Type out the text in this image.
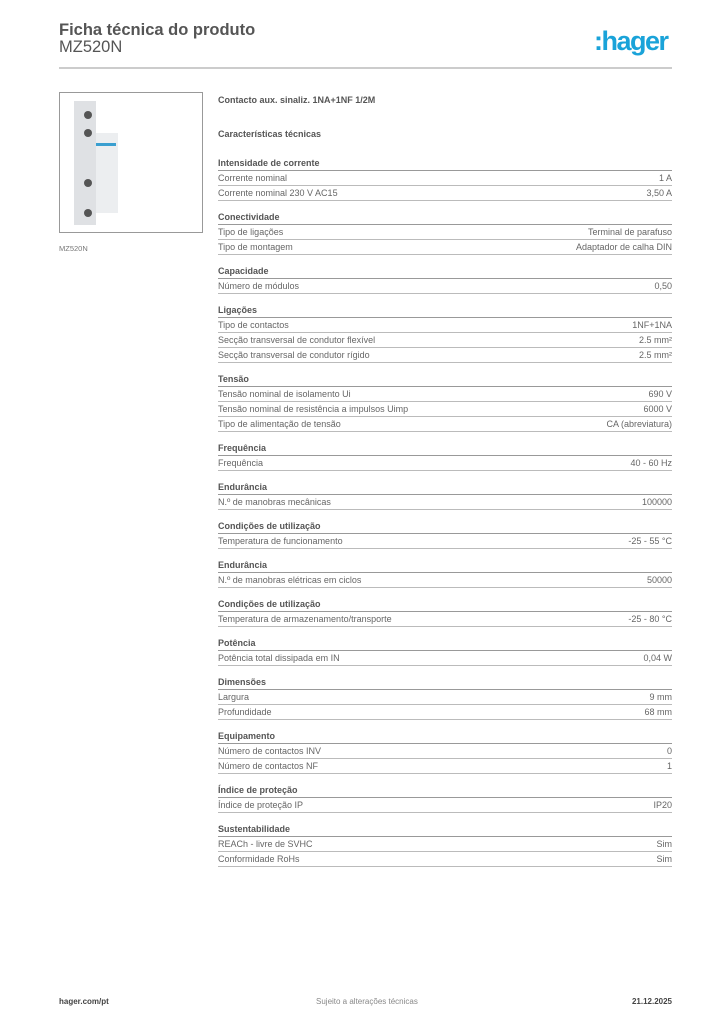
Ficha técnica do produto
MZ520N	:hager
MZ520N
Contacto aux. sinaliz. 1NA+1NF 1/2M
Características técnicas
Intensidade de corrente
Corrente nominal	1 A
Corrente nominal 230 V AC15	3,50 A
Conectividade
Tipo de ligações	Terminal de parafuso
Tipo de montagem	Adaptador de calha DIN
Capacidade
Número de módulos	0,50
Ligações
Tipo de contactos	1NF+1NA
Secção transversal de condutor flexível	2.5 mm²
Secção transversal de condutor rígido	2.5 mm²
Tensão
Tensão nominal de isolamento Ui	690 V
Tensão nominal de resistência a impulsos Uimp	6000 V
Tipo de alimentação de tensão	CA (abreviatura)
Frequência
Frequência	40 - 60 Hz
Endurância
N.º de manobras mecânicas	100000
Condições de utilização
Temperatura de funcionamento	-25 - 55 °C
Endurância
N.º de manobras elétricas em ciclos	50000
Condições de utilização
Temperatura de armazenamento/transporte	-25 - 80 °C
Potência
Potência total dissipada em IN	0,04 W
Dimensões
Largura	9 mm
Profundidade	68 mm
Equipamento
Número de contactos INV	0
Número de contactos NF	1
Índice de proteção
Índice de proteção IP	IP20
Sustentabilidade
REACh - livre de SVHC	Sim
Conformidade RoHs	Sim
hager.com/pt	Sujeito a alterações técnicas	21.12.2025
